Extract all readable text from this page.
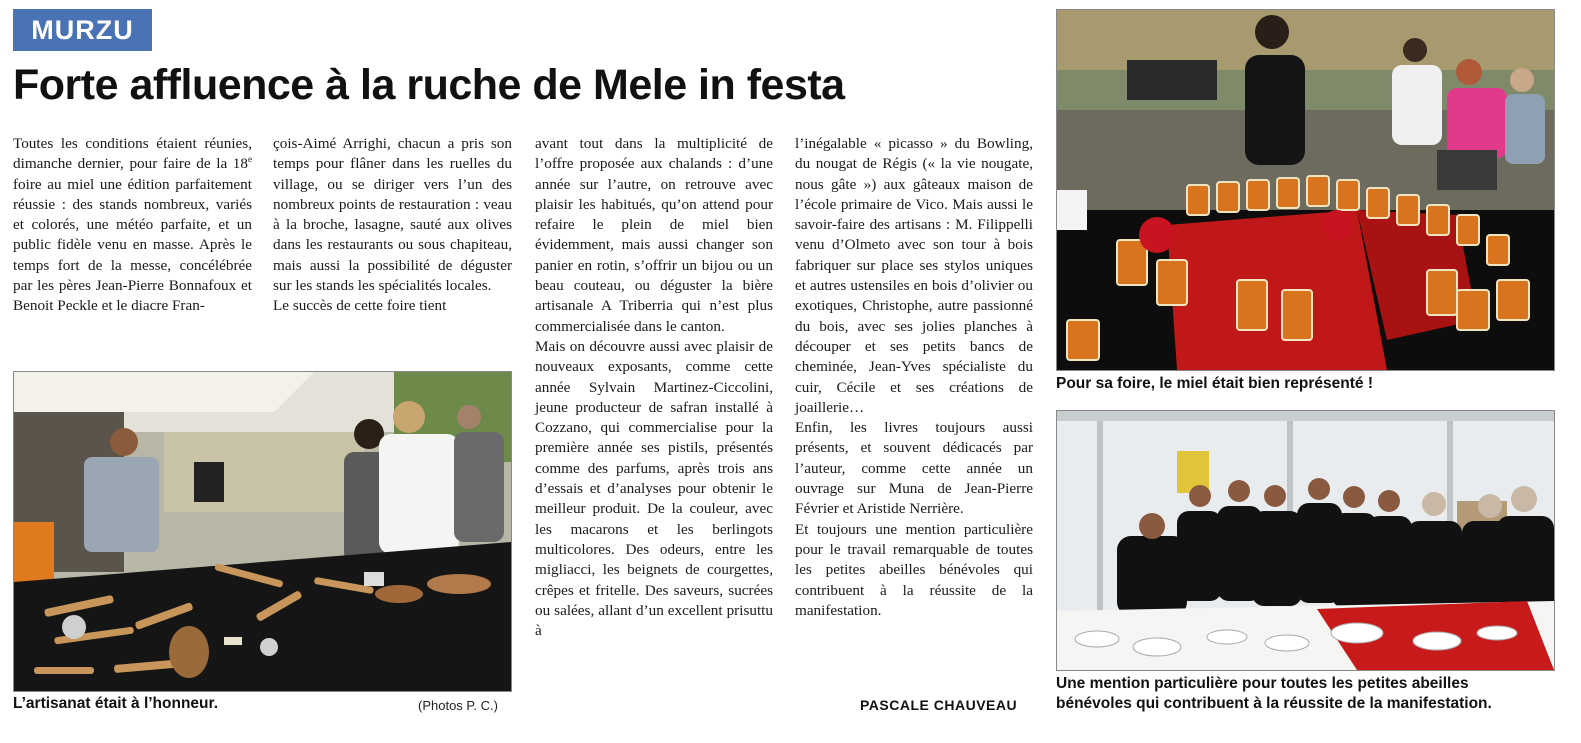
MURZU
Forte affluence à la ruche de Mele in festa

Toutes les conditions étaient réunies, dimanche dernier, pour faire de la 18e foire au miel une édition parfaitement réussie : des stands nombreux, variés et colorés, une météo parfaite, et un public fidèle venu en masse. Après le temps fort de la messe, concélébrée par les pères Jean-Pierre Bonnafoux et Benoit Peckle et le diacre Fran-

çois-Aimé Arrighi, chacun a pris son temps pour flâner dans les ruelles du village, ou se diriger vers l’un des nombreux points de restauration : veau à la broche, lasagne, sauté aux olives dans les restaurants ou sous chapiteau, mais aussi la possibilité de déguster sur les stands les spécialités locales.

Le succès de cette foire tient

avant tout dans la multiplicité de l’offre proposée aux chalands : d’une année sur l’autre, on retrouve avec plaisir les habitués, qu’on attend pour refaire le plein de miel bien évidemment, mais aussi changer son panier en rotin, s’offrir un bijou ou un beau couteau, ou déguster la bière artisanale A Triberria qui n’est plus commercialisée dans le canton.

Mais on découvre aussi avec plaisir de nouveaux exposants, comme cette année Sylvain Martinez-Ciccolini, jeune producteur de safran installé à Cozzano, qui commercialise pour la première année ses pistils, présentés comme des parfums, après trois ans d’essais et d’analyses pour obtenir le meilleur produit. De la couleur, avec les macarons et les berlingots multicolores. Des odeurs, entre les migliacci, les beignets de courgettes, crêpes et fritelle. Des saveurs, sucrées ou salées, allant d’un excellent prisuttu à

l’inégalable « picasso » du Bowling, du nougat de Régis (« la vie nougate, nous gâte ») aux gâteaux maison de l’école primaire de Vico. Mais aussi le savoir-faire des artisans : M. Filippelli venu d’Olmeto avec son tour à bois fabriquer sur place ses stylos uniques et autres ustensiles en bois d’olivier ou exotiques, Christophe, autre passionné du bois, avec ses jolies planches à découper et ses petits bancs de cheminée, Jean-Yves spécialiste du cuir, Cécile et ses créations de joaillerie…

Enfin, les livres toujours aussi présents, et souvent dédicacés par l’auteur, comme cette année un ouvrage sur Muna de Jean-Pierre Février et Aristide Nerrière.

Et toujours une mention particulière pour le travail remarquable de toutes les petites abeilles bénévoles qui contribuent à la réussite de la manifestation.

PASCALE CHAUVEAU

L’artisanat était à l’honneur.	(Photos P. C.)

Pour sa foire, le miel était bien représenté !

Une mention particulière pour toutes les petites abeilles

bénévoles qui contribuent à la réussite de la manifestation.
